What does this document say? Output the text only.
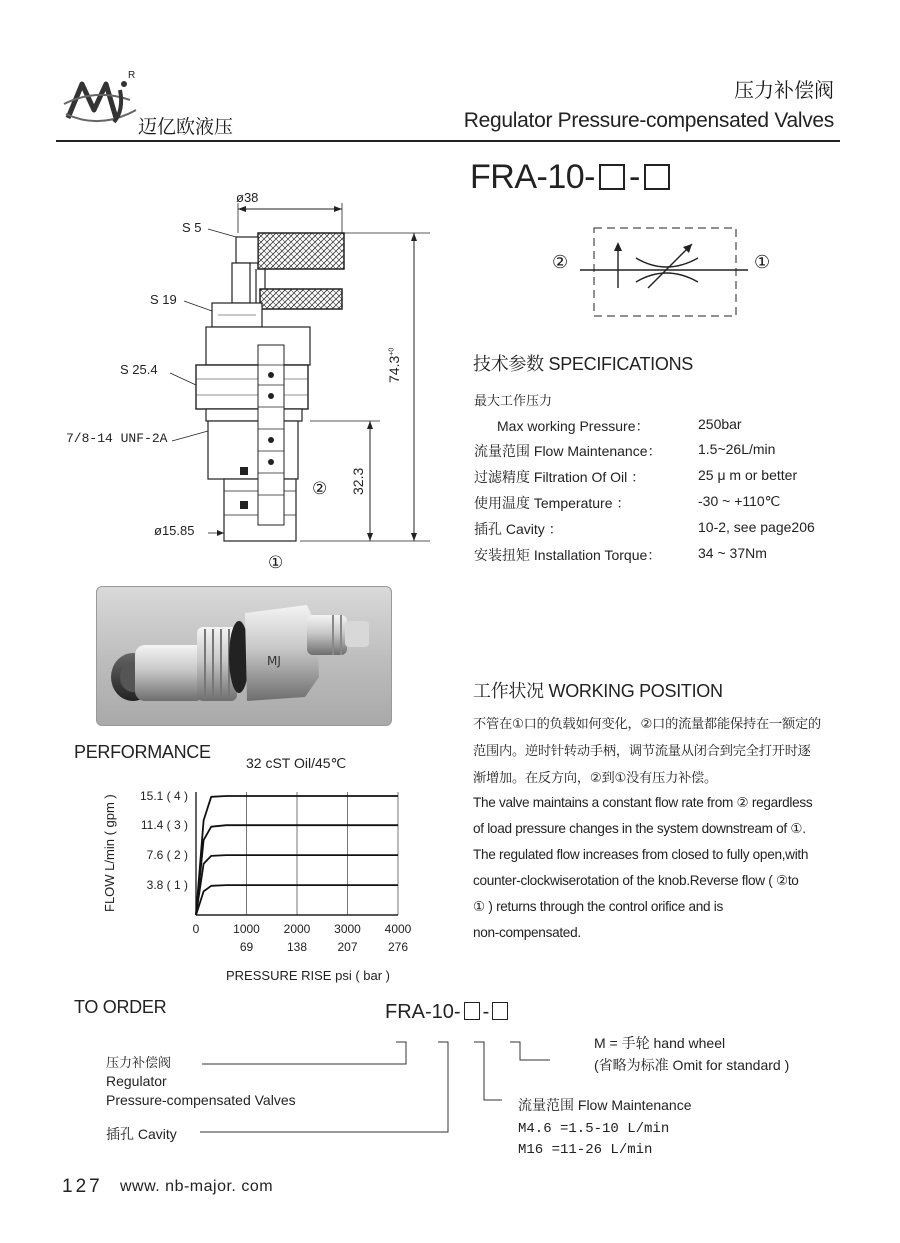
R
迈亿欧液压
压力补偿阀
Regulator Pressure-compensated Valves
FRA-10- -
ø38
S 5
S 19
S 25.4
7/8-14 UNF-2A
ø15.85
$74.3^{+0}$
32.3
②
①
②	①
技术参数 SPECIFICATIONS
最大工作压力
Max working Pressure：	250bar
流量范围 Flow Maintenance：	1.5~26L/min
过滤精度 Filtration Of Oil ：	25 μ m or better
使用温度 Temperature ：	-30 ~ +110℃
插孔 Cavity ：	10-2, see page206
安装扭矩 Installation Torque：	34 ~ 37Nm
MJ
工作状况 WORKING POSITION
不管在①口的负载如何变化，②口的流量都能保持在一额定的
范围内。逆时针转动手柄，调节流量从闭合到完全打开时逐
渐增加。在反方向，②到①没有压力补偿。
The valve maintains a constant flow rate from ② regardless
of load pressure changes in the system downstream of ①.
The regulated flow increases from closed to fully open,with
counter-clockwiserotation of the knob.Reverse flow ( ②to
① ) returns through the control orifice and is
non-compensated.
PERFORMANCE
32 cST Oil/45℃
0	1000 2000 3000 4000
69	138	207	276
15.1 ( 4 )
11.4 ( 3 )
7.6 ( 2 )
3.8 ( 1 )
FLOW L/min ( gpm )
PRESSURE RISE psi ( bar )
TO ORDER	FRA-10- -
压力补偿阀
Regulator
Pressure-compensated Valves
插孔 Cavity
M = 手轮 hand wheel
(省略为标准 Omit for standard )
流量范围 Flow Maintenance
M4.6 =1.5-10 L/min
M16 =11-26 L/min
127 www. nb-major. com
